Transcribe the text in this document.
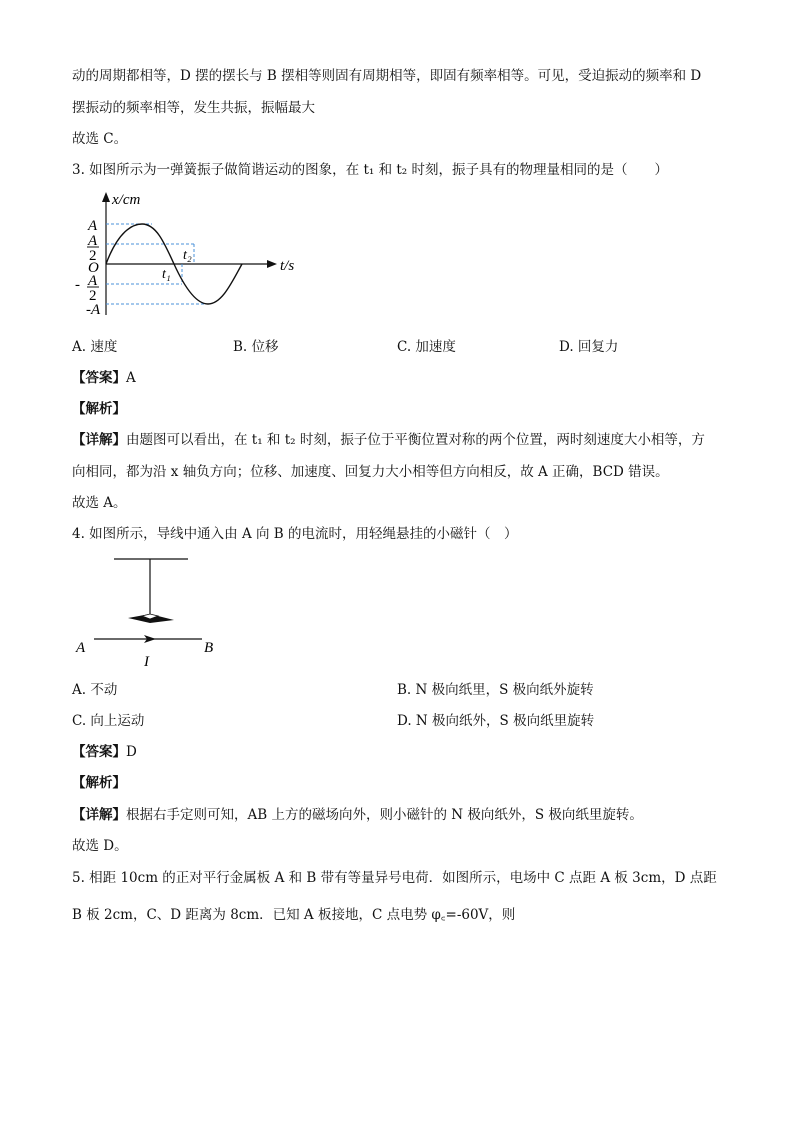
动的周期都相等，D 摆的摆长与 B 摆相等则固有周期相等，即固有频率相等。可见，受迫振动的频率和 D
摆振动的频率相等，发生共振，振幅最大
故选 C。
3. 如图所示为一弹簧振子做简谐运动的图象，在 t₁ 和 t₂ 时刻，振子具有的物理量相同的是（　　）
x/cm
t/s
A
A
2
O
- A
2
-A
t₁
t₂
A. 速度	B. 位移	C. 加速度	D. 回复力
【答案】A
【解析】
【详解】由题图可以看出，在 t₁ 和 t₂ 时刻，振子位于平衡位置对称的两个位置，两时刻速度大小相等，方
向相同，都为沿 x 轴负方向；位移、加速度、回复力大小相等但方向相反，故 A 正确，BCD 错误。
故选 A。
4. 如图所示，导线中通入由 A 向 B 的电流时，用轻绳悬挂的小磁针（　）
A	B
I
A. 不动	B. N 极向纸里，S 极向纸外旋转
C. 向上运动	D. N 极向纸外，S 极向纸里旋转
【答案】D
【解析】
【详解】根据右手定则可知，AB 上方的磁场向外，则小磁针的 N 极向纸外，S 极向纸里旋转。
故选 D。
5. 相距 10cm 的正对平行金属板 A 和 B 带有等量异号电荷．如图所示，电场中 C 点距 A 板 3cm，D 点距
B 板 2cm，C、D 距离为 8cm．已知 A 板接地，C 点电势 φ꜀=-60V，则
